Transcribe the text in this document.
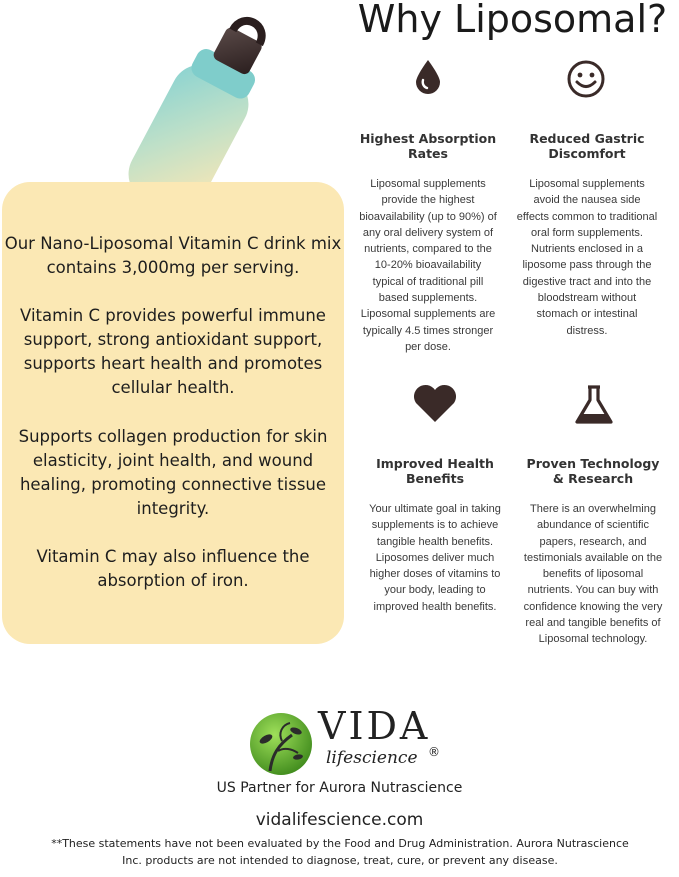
Our Nano-Liposomal Vitamin C drink mix contains 3,000mg per serving.

Vitamin C provides powerful immune support, strong antioxidant support, supports heart health and promotes cellular health.

Supports collagen production for skin elasticity, joint health, and wound healing, promoting connective tissue integrity.

Vitamin C may also influence the absorption of iron.

Why Liposomal?

Highest Absorption Rates

Liposomal supplements provide the highest bioavailability (up to 90%) of any oral delivery system of nutrients, compared to the 10-20% bioavailability typical of traditional pill based supplements. Liposomal supplements are typically 4.5 times stronger per dose.

Reduced Gastric Discomfort

Liposomal supplements avoid the nausea side effects common to traditional oral form supplements. Nutrients enclosed in a liposome pass through the digestive tract and into the bloodstream without stomach or intestinal distress.

Improved Health Benefits

Your ultimate goal in taking supplements is to achieve tangible health benefits. Liposomes deliver much higher doses of vitamins to your body, leading to improved health benefits.

Proven Technology & Research

There is an overwhelming abundance of scientific papers, research, and testimonials available on the benefits of liposomal nutrients. You can buy with confidence knowing the very real and tangible benefits of Liposomal technology.

VIDA

lifescience ®

US Partner for Aurora Nutrascience

vidalifescience.com

**These statements have not been evaluated by the Food and Drug Administration. Aurora Nutrascience Inc. products are not intended to diagnose, treat, cure, or prevent any disease.
